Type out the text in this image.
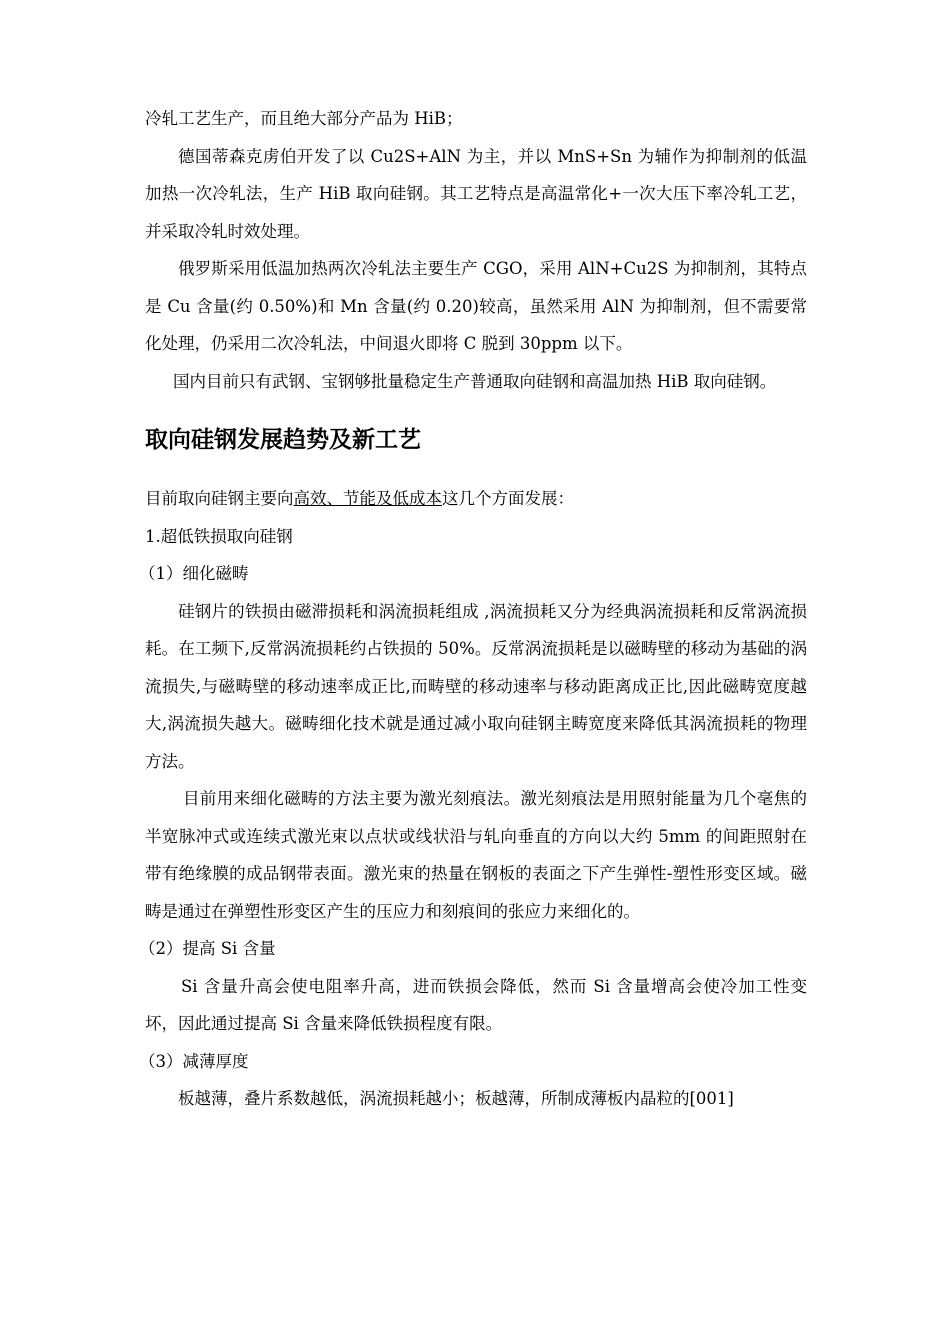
冷轧工艺生产，而且绝大部分产品为 HiB；

德国蒂森克虏伯开发了以 Cu2S+AlN 为主，并以 MnS+Sn 为辅作为抑制剂的低温加热一次冷轧法，生产 HiB 取向硅钢。其工艺特点是高温常化+一次大压下率冷轧工艺，并采取冷轧时效处理。

俄罗斯采用低温加热两次冷轧法主要生产 CGO，采用 AlN+Cu2S 为抑制剂，其特点是 Cu 含量(约 0.50%)和 Mn 含量(约 0.20)较高，虽然采用 AlN 为抑制剂，但不需要常化处理，仍采用二次冷轧法，中间退火即将 C 脱到 30ppm 以下。

国内目前只有武钢、宝钢够批量稳定生产普通取向硅钢和高温加热 HiB 取向硅钢。

取向硅钢发展趋势及新工艺

目前取向硅钢主要向高效、节能及低成本这几个方面发展：

1.超低铁损取向硅钢

（1）细化磁畴

硅钢片的铁损由磁滞损耗和涡流损耗组成 ,涡流损耗又分为经典涡流损耗和反常涡流损耗。在工频下,反常涡流损耗约占铁损的 50%。反常涡流损耗是以磁畴壁的移动为基础的涡流损失,与磁畴壁的移动速率成正比,而畴壁的移动速率与移动距离成正比,因此磁畴宽度越大,涡流损失越大。磁畴细化技术就是通过减小取向硅钢主畴宽度来降低其涡流损耗的物理方法。

目前用来细化磁畴的方法主要为激光刻痕法。激光刻痕法是用照射能量为几个毫焦的半宽脉冲式或连续式激光束以点状或线状沿与轧向垂直的方向以大约 5mm 的间距照射在带有绝缘膜的成品钢带表面。激光束的热量在钢板的表面之下产生弹性-塑性形变区域。磁畴是通过在弹塑性形变区产生的压应力和刻痕间的张应力来细化的。

（2）提高 Si 含量

Si 含量升高会使电阻率升高，进而铁损会降低，然而 Si 含量增高会使冷加工性变坏，因此通过提高 Si 含量来降低铁损程度有限。

（3）减薄厚度

板越薄，叠片系数越低，涡流损耗越小；板越薄，所制成薄板内晶粒的[001]
